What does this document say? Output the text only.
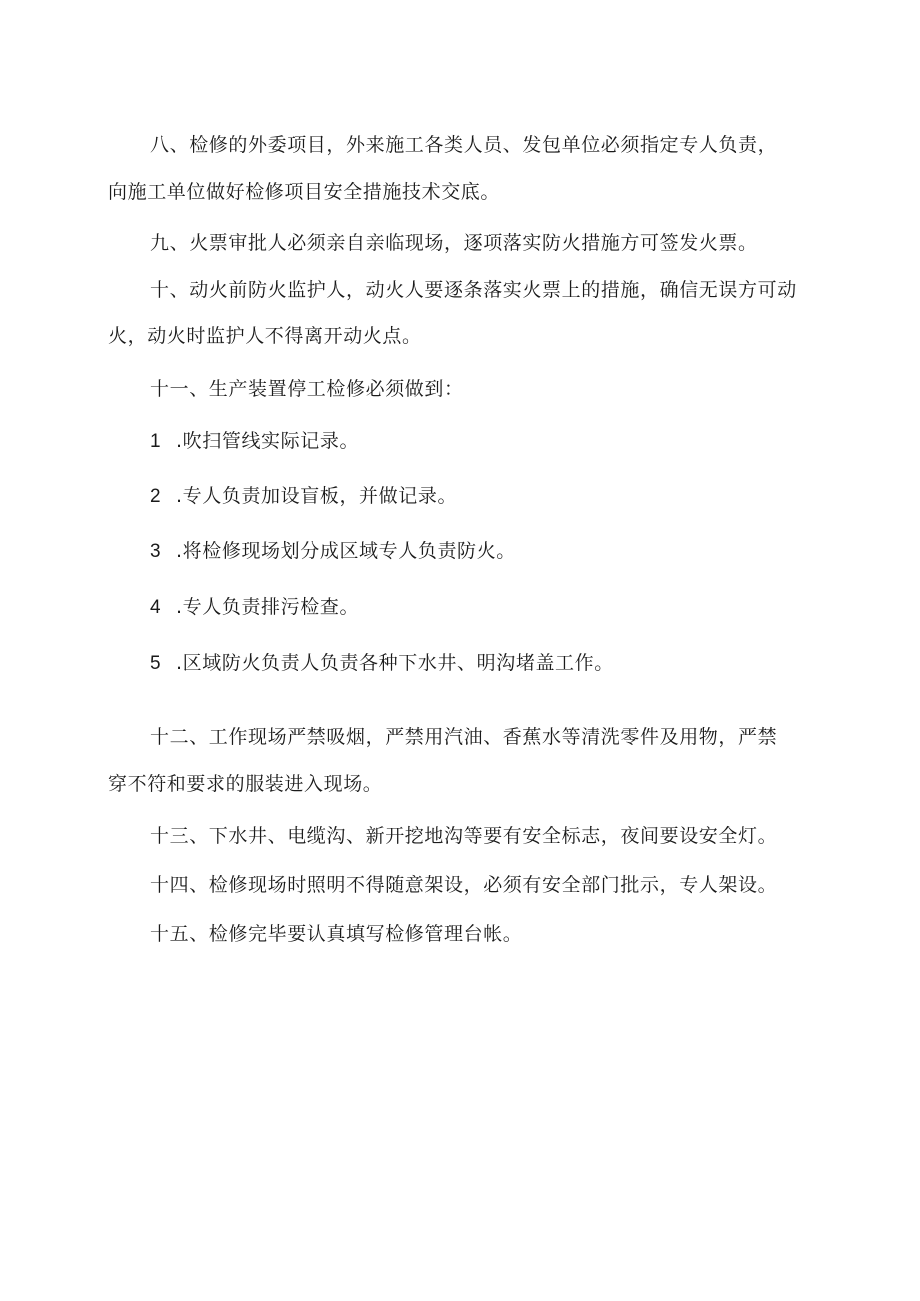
八、检修的外委项目，外来施工各类人员、发包单位必须指定专人负责，
向施工单位做好检修项目安全措施技术交底。
九、火票审批人必须亲自亲临现场，逐项落实防火措施方可签发火票。
十、动火前防火监护人，动火人要逐条落实火票上的措施，确信无误方可动
火，动火时监护人不得离开动火点。
十一、生产装置停工检修必须做到：
1 .吹扫管线实际记录。
2 .专人负责加设盲板，并做记录。
3 .将检修现场划分成区域专人负责防火。
4 .专人负责排污检查。
5 .区域防火负责人负责各种下水井、明沟堵盖工作。
十二、工作现场严禁吸烟，严禁用汽油、香蕉水等清洗零件及用物，严禁
穿不符和要求的服装进入现场。
十三、下水井、电缆沟、新开挖地沟等要有安全标志，夜间要设安全灯。
十四、检修现场时照明不得随意架设，必须有安全部门批示，专人架设。
十五、检修完毕要认真填写检修管理台帐。
